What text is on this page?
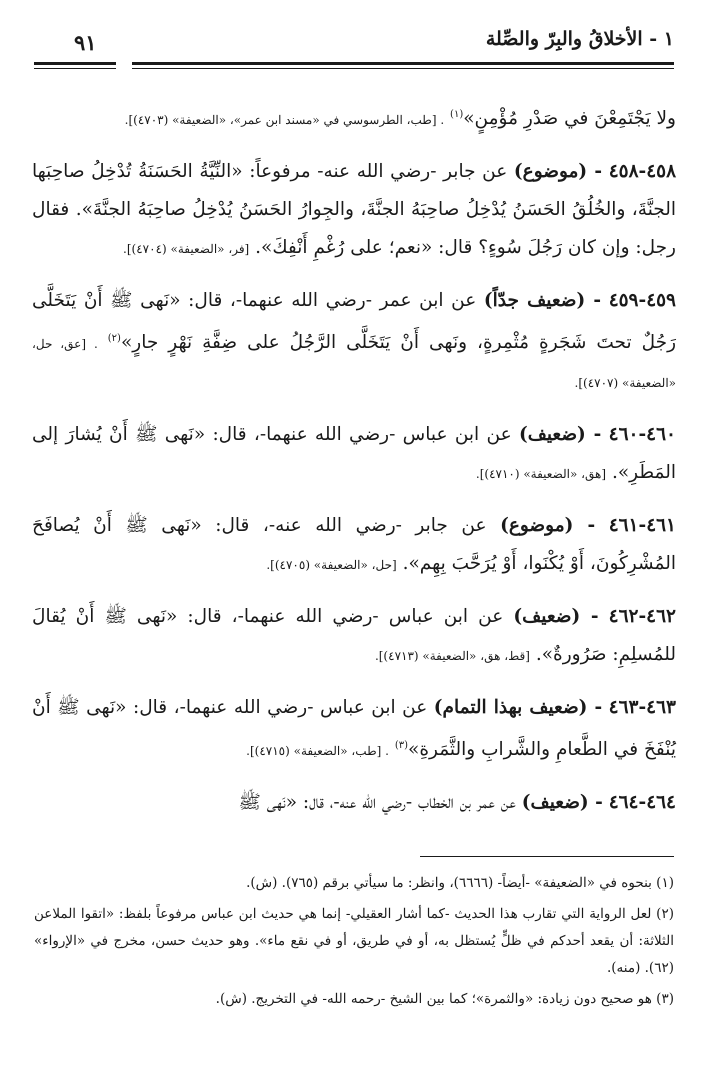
١ - الأخلاقُ والبِرّ والصِّلة
٩١

ولا يَجْتَمِعْنَ في صَدْرِ مُؤْمِنٍ»$^{(١)}$ . [طب، الطرسوسي في «مسند ابن عمر»، «الضعيفة» (٤٧٠٣)].

٤٥٨-٤٥٨ - (موضوع) عن جابر -رضي الله عنه- مرفوعاً: «النِّيَّةُ الحَسَنَةُ تُدْخِلُ صاحِبَها الجنَّةَ، والخُلُقُ الحَسَنُ يُدْخِلُ صاحِبَهُ الجنَّةَ، والجِوارُ الحَسَنُ يُدْخِلُ صاحِبَهُ الجنَّةَ». فقال رجل: وإن كان رَجُلَ سُوءٍ؟ قال: «نعم؛ على رُغْمِ أَنْفِكَ». [فر، «الضعيفة» (٤٧٠٤)].

٤٥٩-٤٥٩ - (ضعيف جدّاً) عن ابن عمر -رضي الله عنهما-، قال: «نَهى ﷺ أَنْ يَتَخَلَّى رَجُلٌ تحتَ شَجَرةٍ مُثْمِرةٍ، ونَهى أَنْ يَتَخَلَّى الرَّجُلُ على ضِفَّةِ نَهْرٍ جارٍ»$^{(٢)}$ . [عق، حل، «الضعيفة» (٤٧٠٧)].

٤٦٠-٤٦٠ - (ضعيف) عن ابن عباس -رضي الله عنهما-، قال: «نَهى ﷺ أَنْ يُشارَ إلى المَطَرِ». [هق، «الضعيفة» (٤٧١٠)].

٤٦١-٤٦١ - (موضوع) عن جابر -رضي الله عنه-، قال: «نَهى ﷺ أَنْ يُصافَحَ المُشْرِكُونَ، أَوْ يُكْنَوا، أَوْ يُرَحَّبَ بِهِم». [حل، «الضعيفة» (٤٧٠٥)].

٤٦٢-٤٦٢ - (ضعيف) عن ابن عباس -رضي الله عنهما-، قال: «نَهى ﷺ أَنْ يُقالَ للمُسلِمِ: صَرُورةٌ». [قط، هق، «الضعيفة» (٤٧١٣)].

٤٦٣-٤٦٣ - (ضعيف بهذا التمام) عن ابن عباس -رضي الله عنهما-، قال: «نَهى ﷺ أَنْ يُنْفَخَ في الطَّعامِ والشَّرابِ والثَّمَرةِ»$^{(٣)}$ . [طب، «الضعيفة» (٤٧١٥)].

٤٦٤-٤٦٤ - (ضعيف) عن عمر بن الخطاب -رضي الله عنه-، قال: «نَهى ﷺ

(١) بنحوه في «الضعيفة» -أيضاً- (٦٦٦٦)، وانظر: ما سيأتي برقم (٧٦٥). (ش).

(٢) لعل الرواية التي تقارب هذا الحديث -كما أشار العقيلي- إنما هي حديث ابن عباس مرفوعاً بلفظ: «اتقوا الملاعن الثلاثة: أن يقعد أحدكم في ظلٍّ يُستظل به، أو في طريق، أو في نقع ماء». وهو حديث حسن، مخرج في «الإرواء» (٦٢). (منه).

(٣) هو صحيح دون زيادة: «والثمرة»؛ كما بين الشيخ -رحمه الله- في التخريج. (ش).
